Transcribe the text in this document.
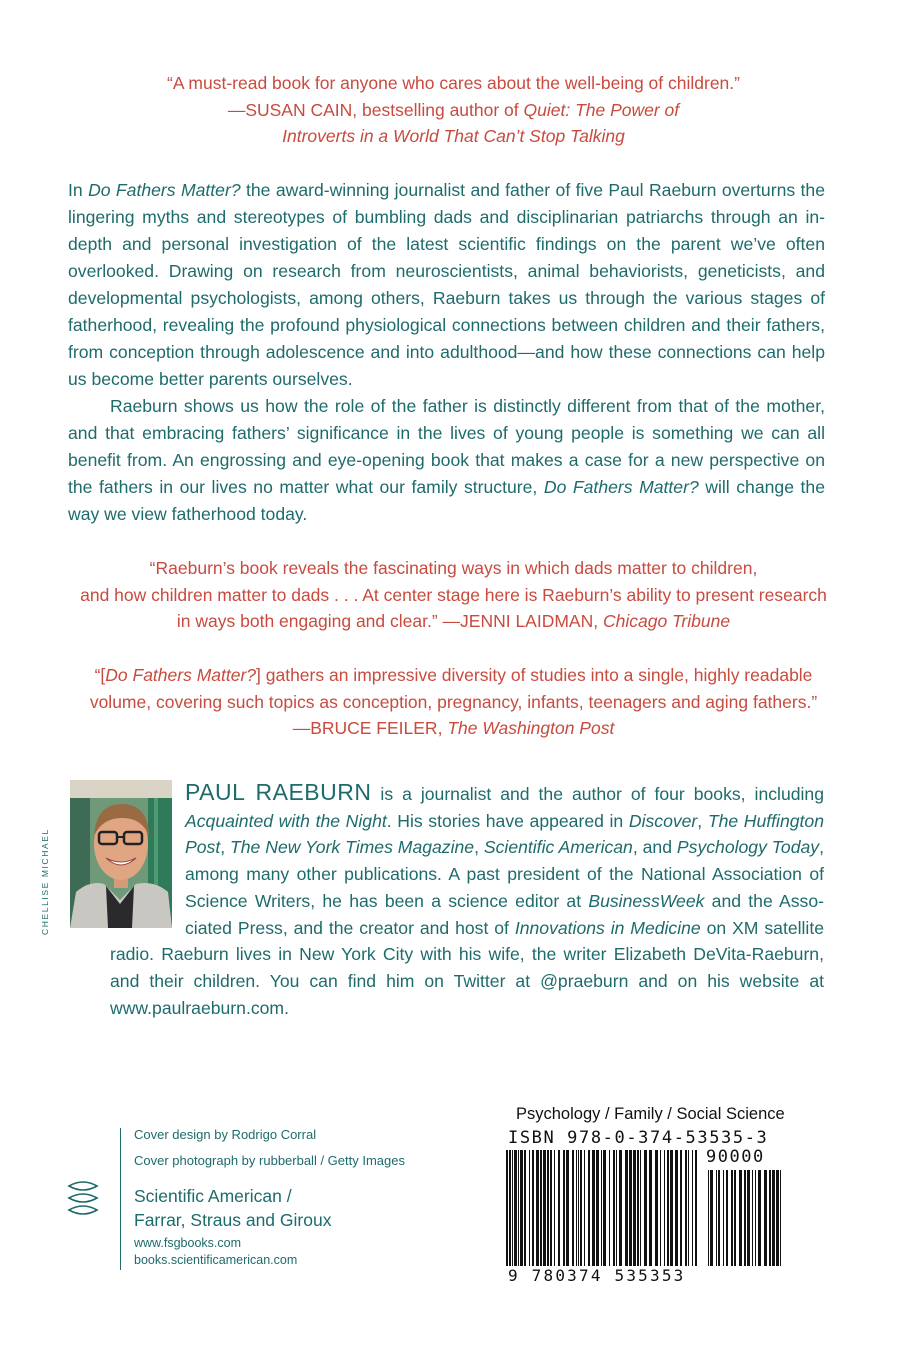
“A must-read book for anyone who cares about the well-being of children.”
—SUSAN CAIN, bestselling author of Quiet: The Power of
Introverts in a World That Can’t Stop Talking

In Do Fathers Matter? the award-winning journalist and father of five Paul Raeburn overturns the lingering myths and stereotypes of bumbling dads and disciplinarian patriarchs through an in-depth and personal investigation of the latest scientific findings on the parent we’ve often overlooked. Drawing on research from neuroscientists, animal behaviorists, geneticists, and developmental psychologists, among others, Raeburn takes us through the various stages of fatherhood, revealing the profound physiological connections between children and their fathers, from conception through adolescence and into adulthood—and how these connections can help us become better parents ourselves.

Raeburn shows us how the role of the father is distinctly different from that of the mother, and that embracing fathers’ significance in the lives of young people is something we can all benefit from. An engrossing and eye-opening book that makes a case for a new perspective on the fathers in our lives no matter what our family structure, Do Fathers Matter? will change the way we view fatherhood today.

“Raeburn’s book reveals the fascinating ways in which dads matter to children,
and how children matter to dads . . . At center stage here is Raeburn’s ability to present research
in ways both engaging and clear.” —JENNI LAIDMAN, Chicago Tribune
“[Do Fathers Matter?] gathers an impressive diversity of studies into a single, highly readable
volume, covering such topics as conception, pregnancy, infants, teenagers and aging fathers.”
—BRUCE FEILER, The Washington Post
CHELLISE MICHAEL

PAUL RAEBURN is a journalist and the author of four books, including Acquainted with the Night. His stories have appeared in Discover, The Huffington Post, The New York Times Magazine, Scientific American, and Psychology Today, among many other publications. A past president of the National Association of Science Writers, he has been a science editor at BusinessWeek and the Associated Press, and the creator and host of Innovations in Medicine on XM satellite radio. Raeburn lives in New York City with his wife, the writer Elizabeth DeVita-Raeburn, and their children. You can find him on Twitter at @praeburn and on his website at www.paulraeburn.com.

Cover design by Rodrigo Corral
Cover photograph by rubberball / Getty Images
Scientific American /
Farrar, Straus and Giroux
www.fsgbooks.com
books.scientificamerican.com
Psychology / Family / Social Science
ISBN 978-0-374-53535-3
90000
9 780374 535353
